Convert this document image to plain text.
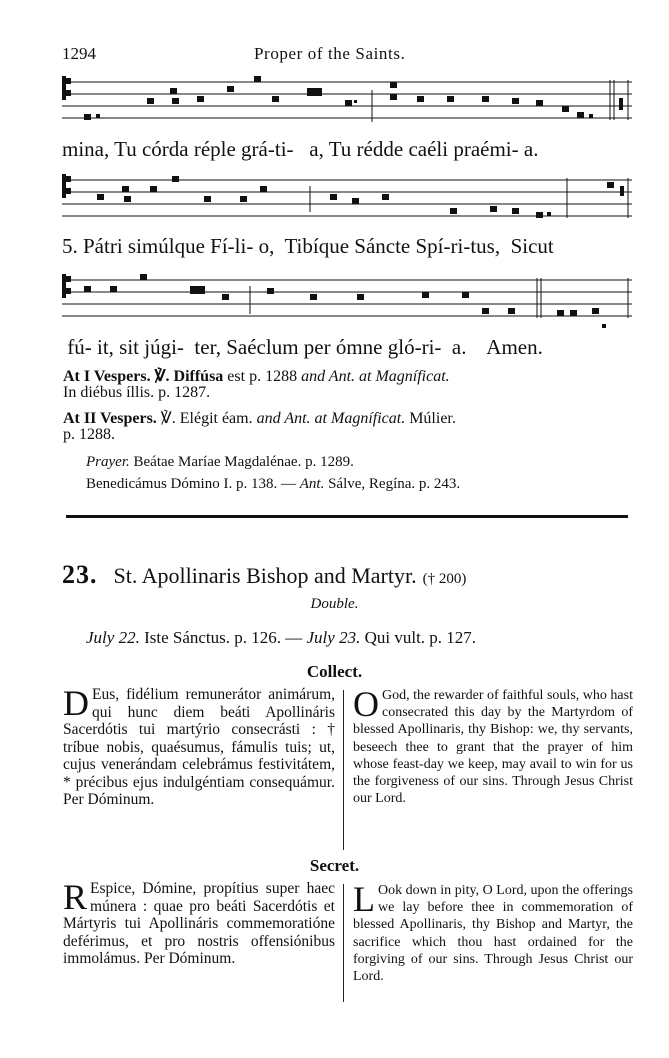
1294	Proper of the Saints.
mina, Tu córda réple grá-ti-   a, Tu rédde caéli praémi- a.
5. Pátri simúlque Fí-li- o,  Tibíque Sáncte Spí-ri-tus,  Sicut
fú- it, sit júgi-  ter, Saéclum per ómne gló-ri-  a.    Amen.
At I Vespers. ℣. Diffúsa est p. 1288 and Ant. at Magníficat.
In diébus íllis. p. 1287.
At II Vespers. ℣. Elégit éam. and Ant. at Magníficat. Múlier.
p. 1288.
Prayer. Beátae Maríae Magdalénae. p. 1289.
Benedicámus Dómino I. p. 138. — Ant. Sálve, Regína. p. 243.
23. St. Apollinaris Bishop and Martyr. († 200)
Double.
July 22. Iste Sánctus. p. 126. — July 23. Qui vult. p. 127.
Collect.
D Eus, fidélium remunerátor animárum, qui hunc diem beáti Apollináris Sacerdótis tui martýrio consecrásti : † tríbue nobis, quaésumus, fámulis tuis; ut, cujus venerándam celebrámus festivitátem, * précibus ejus indulgéntiam consequámur. Per Dóminum.
O God, the rewarder of faithful souls, who hast consecrated this day by the Martyrdom of blessed Apollinaris, thy Bishop: we, thy servants, beseech thee to grant that the prayer of him whose feast-day we keep, may avail to win for us the forgiveness of our sins. Through Jesus Christ our Lord.
Secret.
R Espice, Dómine, propítius super haec múnera : quae pro beáti Sacerdótis et Mártyris tui Apollináris commemoratióne deférimus, et pro nostris offensiónibus immolámus. Per Dóminum.
L Ook down in pity, O Lord, upon the offerings we lay before thee in commemoration of blessed Apollinaris, thy Bishop and Martyr, the sacrifice which thou hast ordained for the forgiving of our sins. Through Jesus Christ our Lord.
